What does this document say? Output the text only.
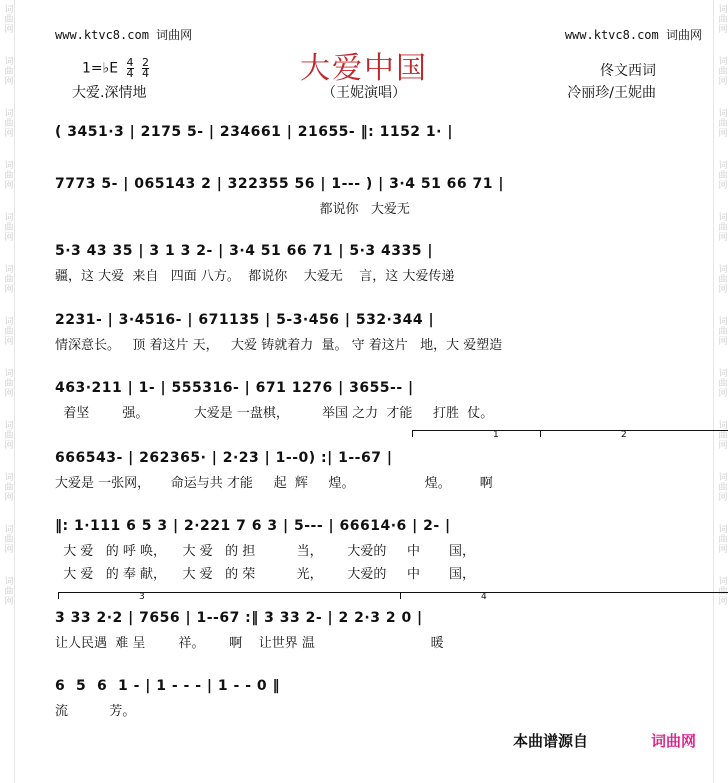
词曲网
词曲网
词曲网
词曲网
词曲网
词曲网
词曲网
词曲网
词曲网
词曲网
词曲网
词曲网
词曲网
词曲网
词曲网
词曲网
词曲网
词曲网
词曲网
词曲网
词曲网
词曲网
词曲网
词曲网
www.ktvc8.com 词曲网	www.ktvc8.com 词曲网
大爱中国
1=♭E $\frac{4}{4}$
$\frac{2}{4}$
大爱.深情地	（王妮演唱）
佟文西词
冷丽珍/王妮曲
( 3451·3 | 2175 5- | 234661 | 21655- ‖: 1152 1· |
7773 5- | 065143 2 | 322355 56 | 1--- ) | 3·4 51 66 71 |
都说你   大爱无
5·3 43 35 | 3 1 3 2- | 3·4 51 66 71 | 5·3 4335 |
疆，这 大爱  来自   四面 八方。  都说你    大爱无    言，这 大爱传递
2231- | 3·4516- | 671135 | 5-3·456 | 532·344 |
情深意长。   顶 着这片 天，   大爱 铸就着力  量。 守 着这片   地，大 爱塑造
463·211 | 1- | 555316- | 671 1276 | 3655-- |
着坚        强。           大爱是 一盘棋，        举国 之力  才能     打胜  仗。
1	2
666543- | 262365· | 2·23 | 1--0) :| 1--67 |
大爱是 一张网，     命运与共 才能     起  辉     煌。                 煌。       啊
‖: 1·111 6 5 3 | 2·221 7 6 3 | 5--- | 66614·6 | 2- |
大 爱   的 呼 唤，    大 爱   的 担          当，      大爱的     中       国，
大 爱   的 奉 献，    大 爱   的 荣          光，      大爱的     中       国，
3	4
3 33 2·2 | 7656 | 1--67 :‖ 3 33 2- | 2 2·3 2 0 |
让人民遇  难 呈        祥。      啊    让世界 温                            暖
6  5  6  1 - | 1 - - - | 1 - - 0 ‖
流          芳。
本曲谱源自	词曲网
